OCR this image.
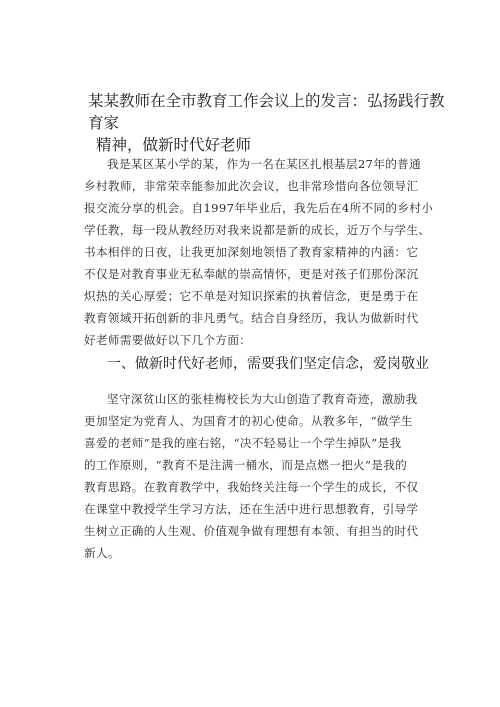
某某教师在全市教育工作会议上的发言：弘扬践行教育家
精神，做新时代好老师
我是某区某小学的某，作为一名在某区扎根基层27年的普通
乡村教师，非常荣幸能参加此次会议，也非常珍惜向各位领导汇
报交流分享的机会。自1997年毕业后，我先后在4所不同的乡村小
学任教，每一段从教经历对我来说都是新的成长，近万个与学生、
书本相伴的日夜，让我更加深刻地领悟了教育家精神的内涵：它
不仅是对教育事业无私奉献的崇高情怀，更是对孩子们那份深沉
炽热的关心厚爱；它不单是对知识探索的执着信念，更是勇于在
教育领域开拓创新的非凡勇气。结合自身经历，我认为做新时代
好老师需要做好以下几个方面：
一、做新时代好老师，需要我们坚定信念，爱岗敬业
坚守深贫山区的张桂梅校长为大山创造了教育奇迹，激励我
更加坚定为党育人、为国育才的初心使命。从教多年，“做学生
喜爱的老师”是我的座右铭，“决不轻易让一个学生掉队”是我
的工作原则，“教育不是注满一桶水，而是点燃一把火”是我的
教育思路。在教育教学中，我始终关注每一个学生的成长，不仅
在课堂中教授学生学习方法，还在生活中进行思想教育，引导学
生树立正确的人生观、价值观争做有理想有本领、有担当的时代
新人。
